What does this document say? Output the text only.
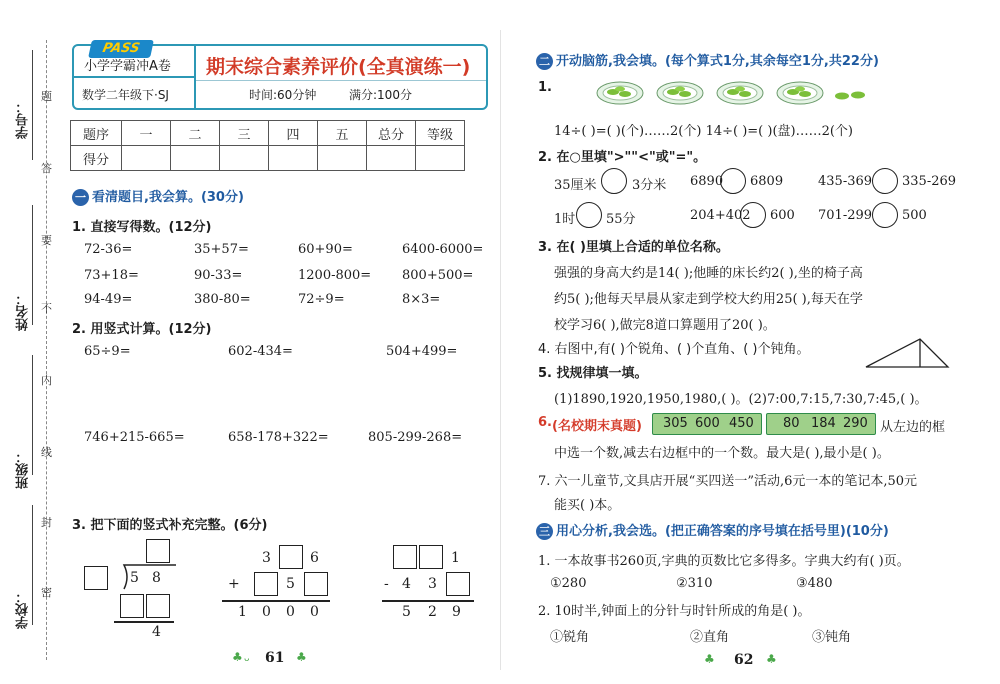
学号：
姓名：
班级：
学校：
题
答
要
不
内
线
封
密
小学学霸冲A卷
数学二年级下·SJ
期末综合素养评价(全真演练一)
时间:60分钟	满分:100分
PASS
题序	一	二	三	四	五	总分	等级
得分							
一 看清题目,我会算。(30分)
1. 直接写得数。(12分)
72-36=	35+57=	60+90=	6400-6000=
73+18=	90-33=	1200-800= 800+500=
94-49=	380-80=	72÷9=	8×3=
2. 用竖式计算。(12分)
65÷9=	602-434=	504+499=
746+215-665=	658-178+322=	805-299-268=
3. 把下面的竖式补充完整。(6分)
5 8
4
3	6
+	5
1 0 0 0
1
- 4 3
5 2 9
♣ ᴗ 61 ♣
二 开动脑筋,我会填。(每个算式1分,其余每空1分,共22分)
1.
14÷( )=( )(个)……2(个) 14÷( )=( )(盘)……2(个)
2. 在○里填">""<"或"="。
35厘米	3分米 6890 6809	435-369 335-269
1时 55分	204+402 600 701-299 500
3. 在( )里填上合适的单位名称。
强强的身高大约是14( );他睡的床长约2( ),坐的椅子高
约5( );他每天早晨从家走到学校大约用25( ),每天在学
校学习6( ),做完8道口算题用了20( )。
4. 右图中,有( )个锐角、( )个直角、( )个钝角。
5. 找规律填一填。
(1)1890,1920,1950,1980,( )。(2)7:00,7:15,7:30,7:45,( )。
6. (名校期末真题) 305 600 450 80 184 290 从左边的框
中选一个数,减去右边框中的一个数。最大是( ),最小是( )。
7. 六一儿童节,文具店开展“买四送一”活动,6元一本的笔记本,50元
能买( )本。
三 用心分析,我会选。(把正确答案的序号填在括号里)(10分)
1. 一本故事书260页,字典的页数比它多得多。字典大约有( )页。
①280	②310	③480
2. 10时半,钟面上的分针与时针所成的角是( )。
①锐角	②直角	③钝角
♣ 62 ♣
